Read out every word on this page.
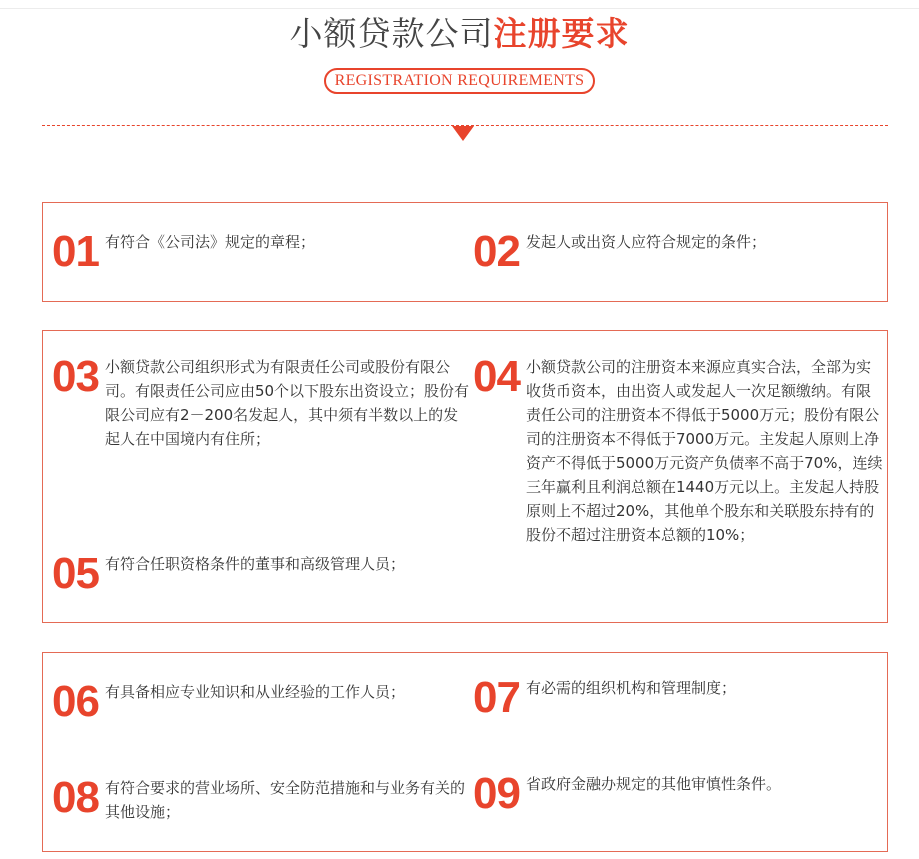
小额贷款公司注册要求
REGISTRATION REQUIREMENTS
01 有符合《公司法》规定的章程；	02 发起人或出资人应符合规定的条件；
03 小额贷款公司组织形式为有限责任公司或股份有限公司。有限责任公司应由50个以下股东出资设立；股份有限公司应有2－200名发起人，其中须有半数以上的发起人在中国境内有住所；
04 小额贷款公司的注册资本来源应真实合法，全部为实收货币资本，由出资人或发起人一次足额缴纳。有限责任公司的注册资本不得低于5000万元；股份有限公司的注册资本不得低于7000万元。主发起人原则上净资产不得低于5000万元资产负债率不高于70%，连续三年赢利且利润总额在1440万元以上。主发起人持股原则上不超过20%，其他单个股东和关联股东持有的股份不超过注册资本总额的10%；
05 有符合任职资格条件的董事和高级管理人员；
06 有具备相应专业知识和从业经验的工作人员； 07 有必需的组织机构和管理制度；
08 有符合要求的营业场所、安全防范措施和与业务有关的其他设施；	09 省政府金融办规定的其他审慎性条件。
